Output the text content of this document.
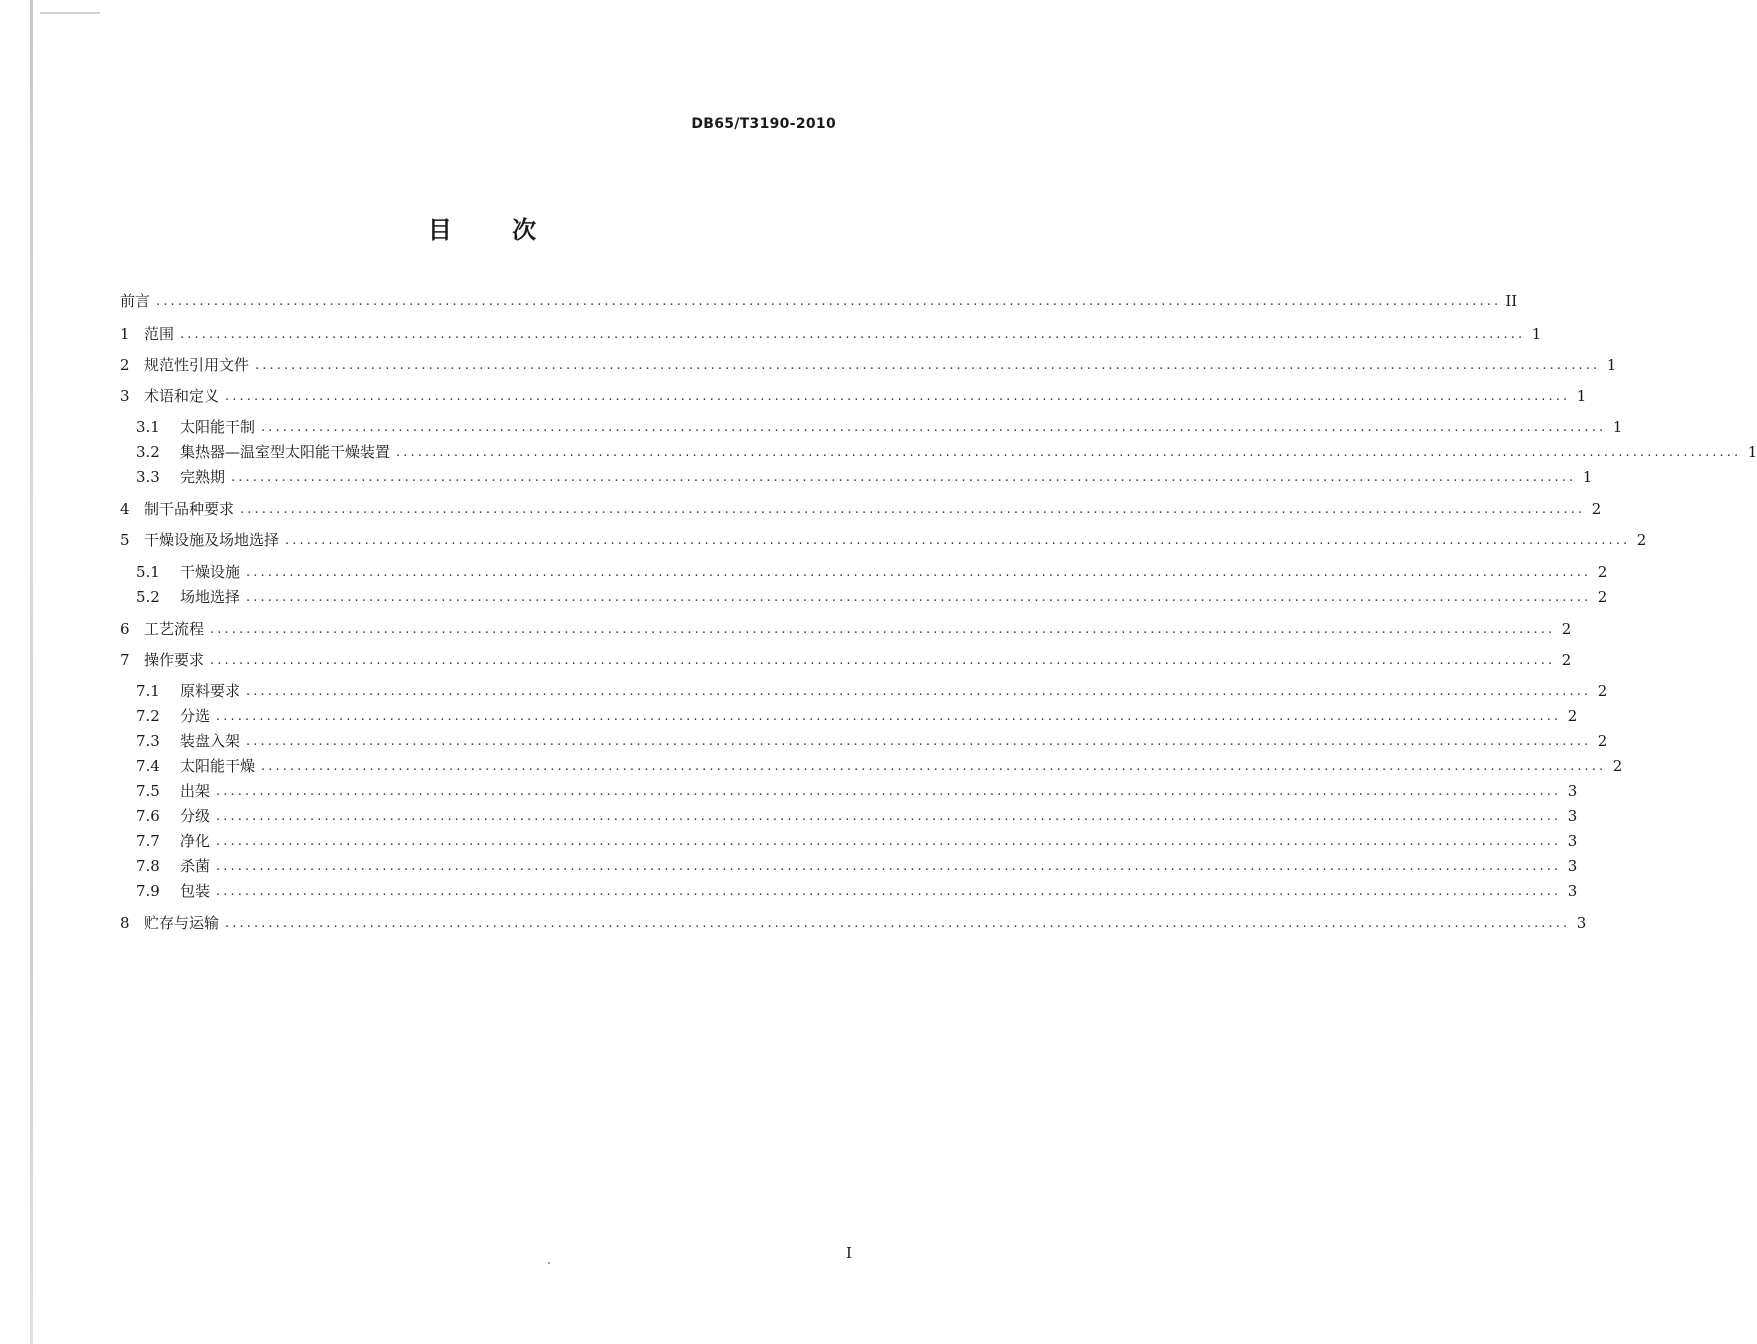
DB65/T3190-2010
目 次
前言 .......................................................................................................................................................................................... II
1 范围 .......................................................................................................................................................................................... 1
2 规范性引用文件 .......................................................................................................................................................................................... 1
3 术语和定义 .......................................................................................................................................................................................... 1
3.1	太阳能干制 .......................................................................................................................................................................................... 1
3.2	集热器—温室型太阳能干燥装置 .......................................................................................................................................................................................... 1
3.3	完熟期 .......................................................................................................................................................................................... 1
4 制干品种要求 .......................................................................................................................................................................................... 2
5 干燥设施及场地选择 .......................................................................................................................................................................................... 2
5.1	干燥设施 .......................................................................................................................................................................................... 2
5.2	场地选择 .......................................................................................................................................................................................... 2
6 工艺流程 .......................................................................................................................................................................................... 2
7 操作要求 .......................................................................................................................................................................................... 2
7.1	原料要求 .......................................................................................................................................................................................... 2
7.2	分选 .......................................................................................................................................................................................... 2
7.3	装盘入架 .......................................................................................................................................................................................... 2
7.4	太阳能干燥 .......................................................................................................................................................................................... 2
7.5	出架 .......................................................................................................................................................................................... 3
7.6	分级 .......................................................................................................................................................................................... 3
7.7	净化 .......................................................................................................................................................................................... 3
7.8	杀菌 .......................................................................................................................................................................................... 3
7.9	包装 .......................................................................................................................................................................................... 3
8 贮存与运输 .......................................................................................................................................................................................... 3
I
